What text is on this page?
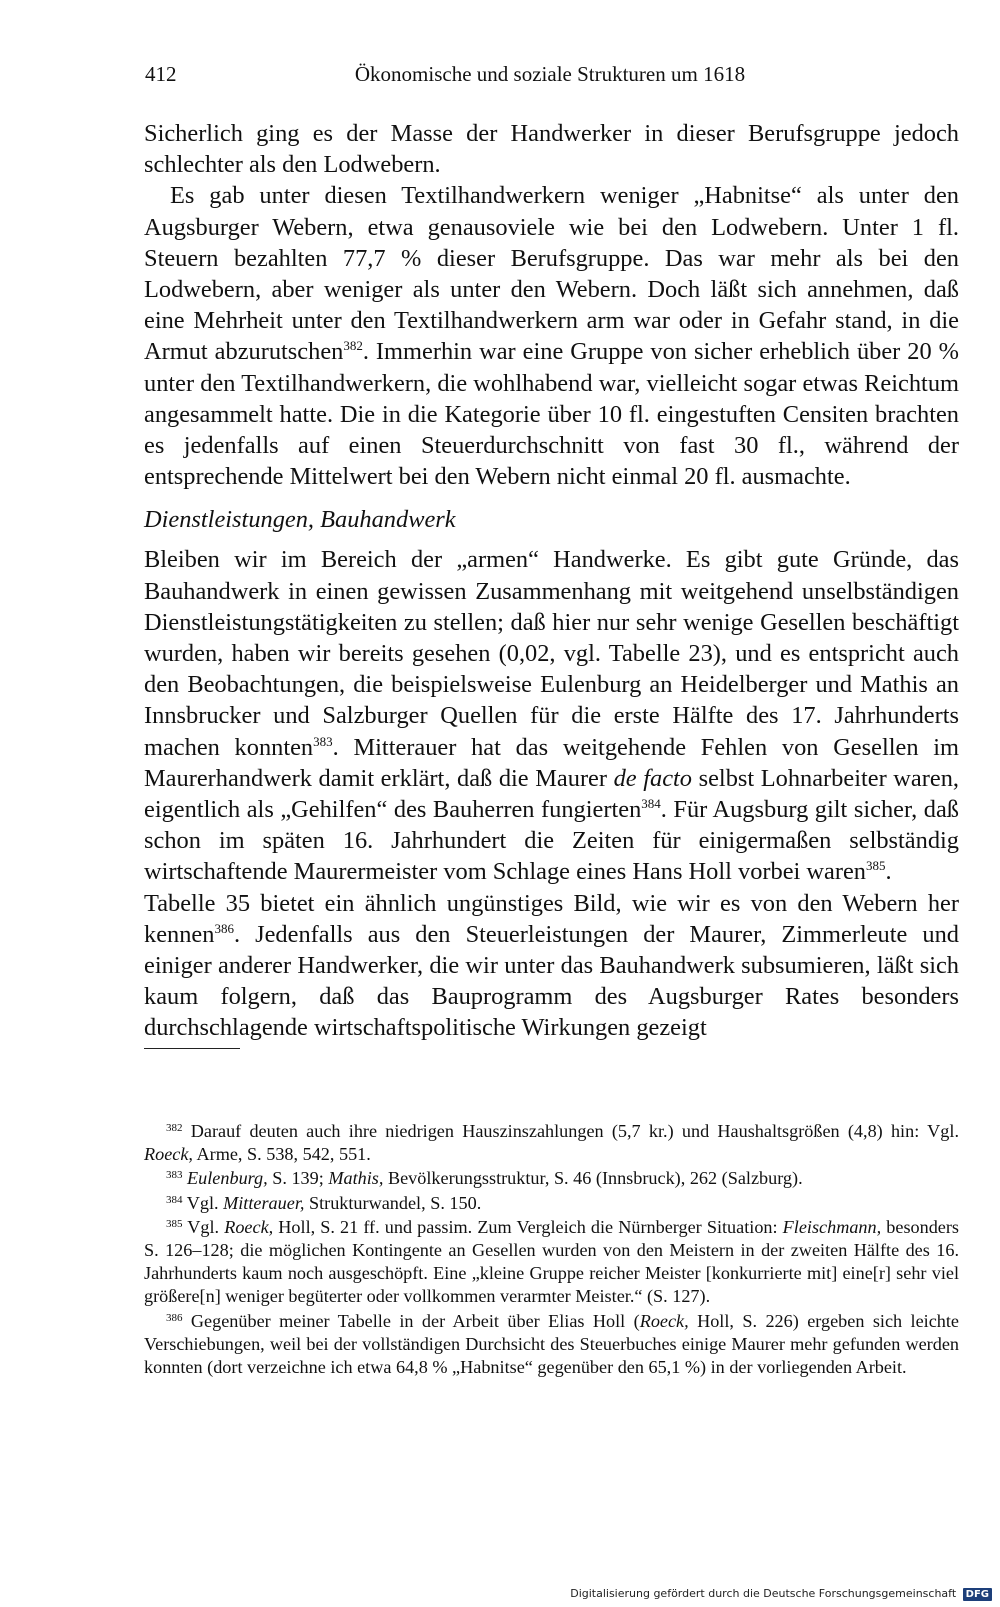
412	Ökonomische und soziale Strukturen um 1618

Sicherlich ging es der Masse der Handwerker in dieser Berufsgruppe jedoch schlechter als den Lodwebern.

Es gab unter diesen Textilhandwerkern weniger „Habnitse“ als unter den Augsburger Webern, etwa genausoviele wie bei den Lodwebern. Unter 1 fl. Steuern bezahlten 77,7 % dieser Berufsgruppe. Das war mehr als bei den Lodwebern, aber weniger als unter den Webern. Doch läßt sich annehmen, daß eine Mehrheit unter den Textilhandwerkern arm war oder in Gefahr stand, in die Armut abzurutschen$^{382}$. Immerhin war eine Gruppe von sicher erheblich über 20 % unter den Textilhandwerkern, die wohlhabend war, vielleicht sogar etwas Reichtum angesammelt hatte. Die in die Kategorie über 10 fl. eingestuften Censiten brachten es jedenfalls auf einen Steuerdurchschnitt von fast 30 fl., während der entsprechende Mittelwert bei den Webern nicht einmal 20 fl. ausmachte.

Dienstleistungen, Bauhandwerk

Bleiben wir im Bereich der „armen“ Handwerke. Es gibt gute Gründe, das Bauhandwerk in einen gewissen Zusammenhang mit weitgehend unselbständigen Dienstleistungstätigkeiten zu stellen; daß hier nur sehr wenige Gesellen beschäftigt wurden, haben wir bereits gesehen (0,02, vgl. Tabelle 23), und es entspricht auch den Beobachtungen, die beispielsweise Eulenburg an Heidelberger und Mathis an Innsbrucker und Salzburger Quellen für die erste Hälfte des 17. Jahrhunderts machen konnten$^{383}$. Mitterauer hat das weitgehende Fehlen von Gesellen im Maurerhandwerk damit erklärt, daß die Maurer de facto selbst Lohnarbeiter waren, eigentlich als „Gehilfen“ des Bauherren fungierten$^{384}$. Für Augsburg gilt sicher, daß schon im späten 16. Jahrhundert die Zeiten für einigermaßen selbständig wirtschaftende Maurermeister vom Schlage eines Hans Holl vorbei waren$^{385}$.

Tabelle 35 bietet ein ähnlich ungünstiges Bild, wie wir es von den Webern her kennen$^{386}$. Jedenfalls aus den Steuerleistungen der Maurer, Zimmerleute und einiger anderer Handwerker, die wir unter das Bauhandwerk subsumieren, läßt sich kaum folgern, daß das Bauprogramm des Augsburger Rates besonders durchschlagende wirtschaftspolitische Wirkungen gezeigt

$^{382}$ Darauf deuten auch ihre niedrigen Hauszinszahlungen (5,7 kr.) und Haushaltsgrößen (4,8) hin: Vgl. Roeck, Arme, S. 538, 542, 551.

$^{383}$ Eulenburg, S. 139; Mathis, Bevölkerungsstruktur, S. 46 (Innsbruck), 262 (Salzburg).

$^{384}$ Vgl. Mitterauer, Strukturwandel, S. 150.

$^{385}$ Vgl. Roeck, Holl, S. 21 ff. und passim. Zum Vergleich die Nürnberger Situation: Fleischmann, besonders S. 126–128; die möglichen Kontingente an Gesellen wurden von den Meistern in der zweiten Hälfte des 16. Jahrhunderts kaum noch ausgeschöpft. Eine „kleine Gruppe reicher Meister [konkurrierte mit] eine[r] sehr viel größere[n] weniger begüterter oder vollkommen verarmter Meister.“ (S. 127).

$^{386}$ Gegenüber meiner Tabelle in der Arbeit über Elias Holl (Roeck, Holl, S. 226) ergeben sich leichte Verschiebungen, weil bei der vollständigen Durchsicht des Steuerbuches einige Maurer mehr gefunden werden konnten (dort verzeichne ich etwa 64,8 % „Habnitse“ gegenüber den 65,1 %) in der vorliegenden Arbeit.

Digitalisierung gefördert durch die Deutsche Forschungsgemeinschaft DFG
